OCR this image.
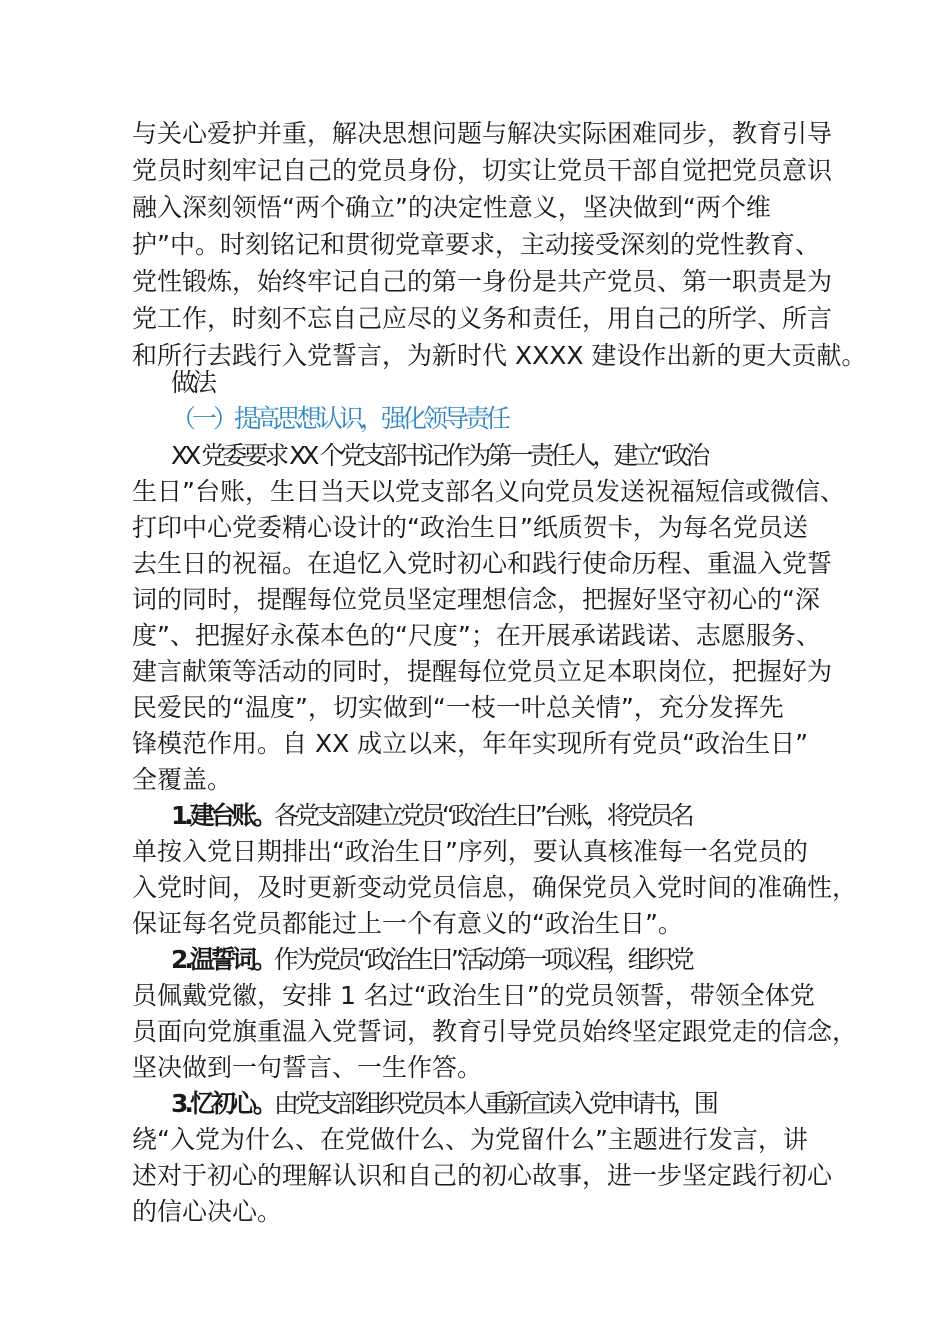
与关心爱护并重，解决思想问题与解决实际困难同步，教育引导
党员时刻牢记自己的党员身份，切实让党员干部自觉把党员意识
融入深刻领悟“两个确立”的决定性意义，坚决做到“两个维
护”中。时刻铭记和贯彻党章要求，主动接受深刻的党性教育、
党性锻炼，始终牢记自己的第一身份是共产党员、第一职责是为
党工作，时刻不忘自己应尽的义务和责任，用自己的所学、所言
和所行去践行入党誓言，为新时代 XXXX 建设作出新的更大贡献。
做法
（一）提高思想认识，强化领导责任
XX 党委要求 XX 个党支部书记作为第一责任人，建立“政治
生日”台账，生日当天以党支部名义向党员发送祝福短信或微信、
打印中心党委精心设计的“政治生日”纸质贺卡，为每名党员送
去生日的祝福。在追忆入党时初心和践行使命历程、重温入党誓
词的同时，提醒每位党员坚定理想信念，把握好坚守初心的“深
度”、把握好永葆本色的“尺度”；在开展承诺践诺、志愿服务、
建言献策等活动的同时，提醒每位党员立足本职岗位，把握好为
民爱民的“温度”，切实做到“一枝一叶总关情”，充分发挥先
锋模范作用。自 XX 成立以来，年年实现所有党员“政治生日”
全覆盖。
1.建台账。各党支部建立党员“政治生日”台账，将党员名
单按入党日期排出“政治生日”序列，要认真核准每一名党员的
入党时间，及时更新变动党员信息，确保党员入党时间的准确性，
保证每名党员都能过上一个有意义的“政治生日”。
2.温誓词。作为党员“政治生日”活动第一项议程，组织党
员佩戴党徽，安排 1 名过“政治生日”的党员领誓，带领全体党
员面向党旗重温入党誓词，教育引导党员始终坚定跟党走的信念，
坚决做到一句誓言、一生作答。
3.忆初心。由党支部组织党员本人重新宣读入党申请书，围
绕“入党为什么、在党做什么、为党留什么”主题进行发言，讲
述对于初心的理解认识和自己的初心故事，进一步坚定践行初心
的信心决心。
